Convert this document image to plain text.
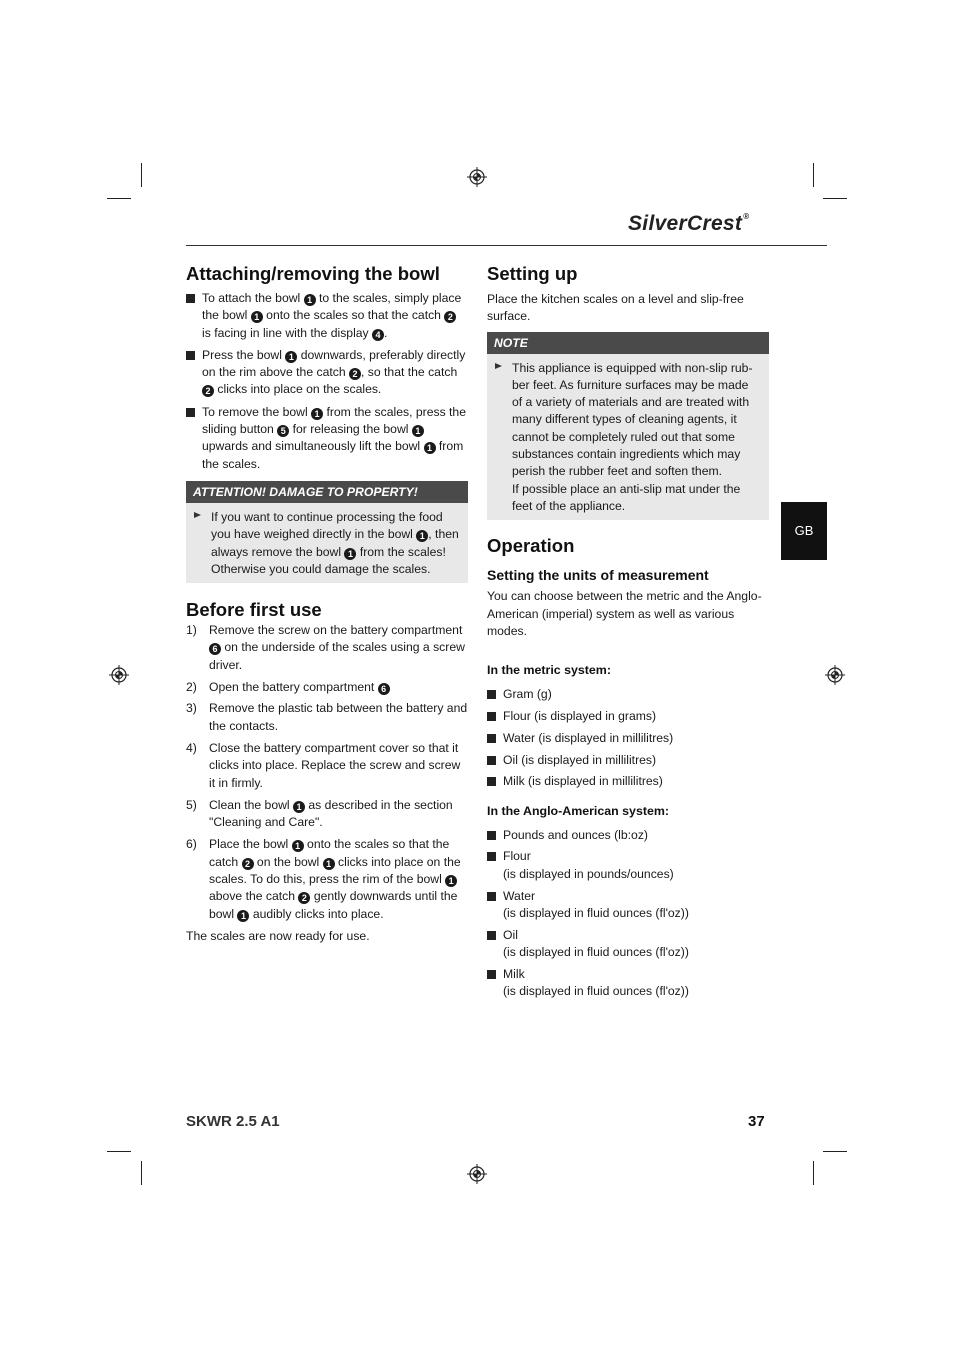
SilverCrest®
Attaching/removing the bowl
To attach the bowl 1 to the scales, simply place the bowl 1 onto the scales so that the catch 2 is facing in line with the display 4 .
Press the bowl 1 downwards, preferably directly on the rim above the catch 2 , so that the catch 2 clicks into place on the scales.
To remove the bowl 1 from the scales, press the sliding button 5 for releasing the bowl 1 upwards and simultaneously lift the bowl 1 from the scales.
ATTENTION! DAMAGE TO PROPERTY!
If you want to continue processing the food you have weighed directly in the bowl 1 , then always remove the bowl 1 from the scales! Otherwise you could damage the scales.
Before first use
1) Remove the screw on the battery compartment 6 on the underside of the scales using a screw driver.
2) Open the battery compartment 6
3) Remove the plastic tab between the battery and the contacts.
4) Close the battery compartment cover so that it clicks into place. Replace the screw and screw it in firmly.
5) Clean the bowl 1 as described in the section "Cleaning and Care".
6) Place the bowl 1 onto the scales so that the catch 2 on the bowl 1 clicks into place on the scales. To do this, press the rim of the bowl 1 above the catch 2 gently downwards until the bowl 1 audibly clicks into place.

The scales are now ready for use.

Setting up

Place the kitchen scales on a level and slip-free surface.

NOTE
This appliance is equipped with non-slip rub-ber feet. As furniture surfaces may be made of a variety of materials and are treated with many different types of cleaning agents, it cannot be completely ruled out that some substances contain ingredients which may perish the rubber feet and soften them.
If possible place an anti-slip mat under the feet of the appliance.
Operation
Setting the units of measurement

You can choose between the metric and the Anglo-American (imperial) system as well as various modes.

In the metric system:
Gram (g)
Flour (is displayed in grams)
Water (is displayed in millilitres)
Oil (is displayed in millilitres)
Milk (is displayed in millilitres)
In the Anglo-American system:
Pounds and ounces (lb:oz)
Flour
(is displayed in pounds/ounces)
Water
(is displayed in fluid ounces (fl'oz))
Oil
(is displayed in fluid ounces (fl'oz))
Milk
(is displayed in fluid ounces (fl'oz))
GB
SKWR 2.5 A1	37
